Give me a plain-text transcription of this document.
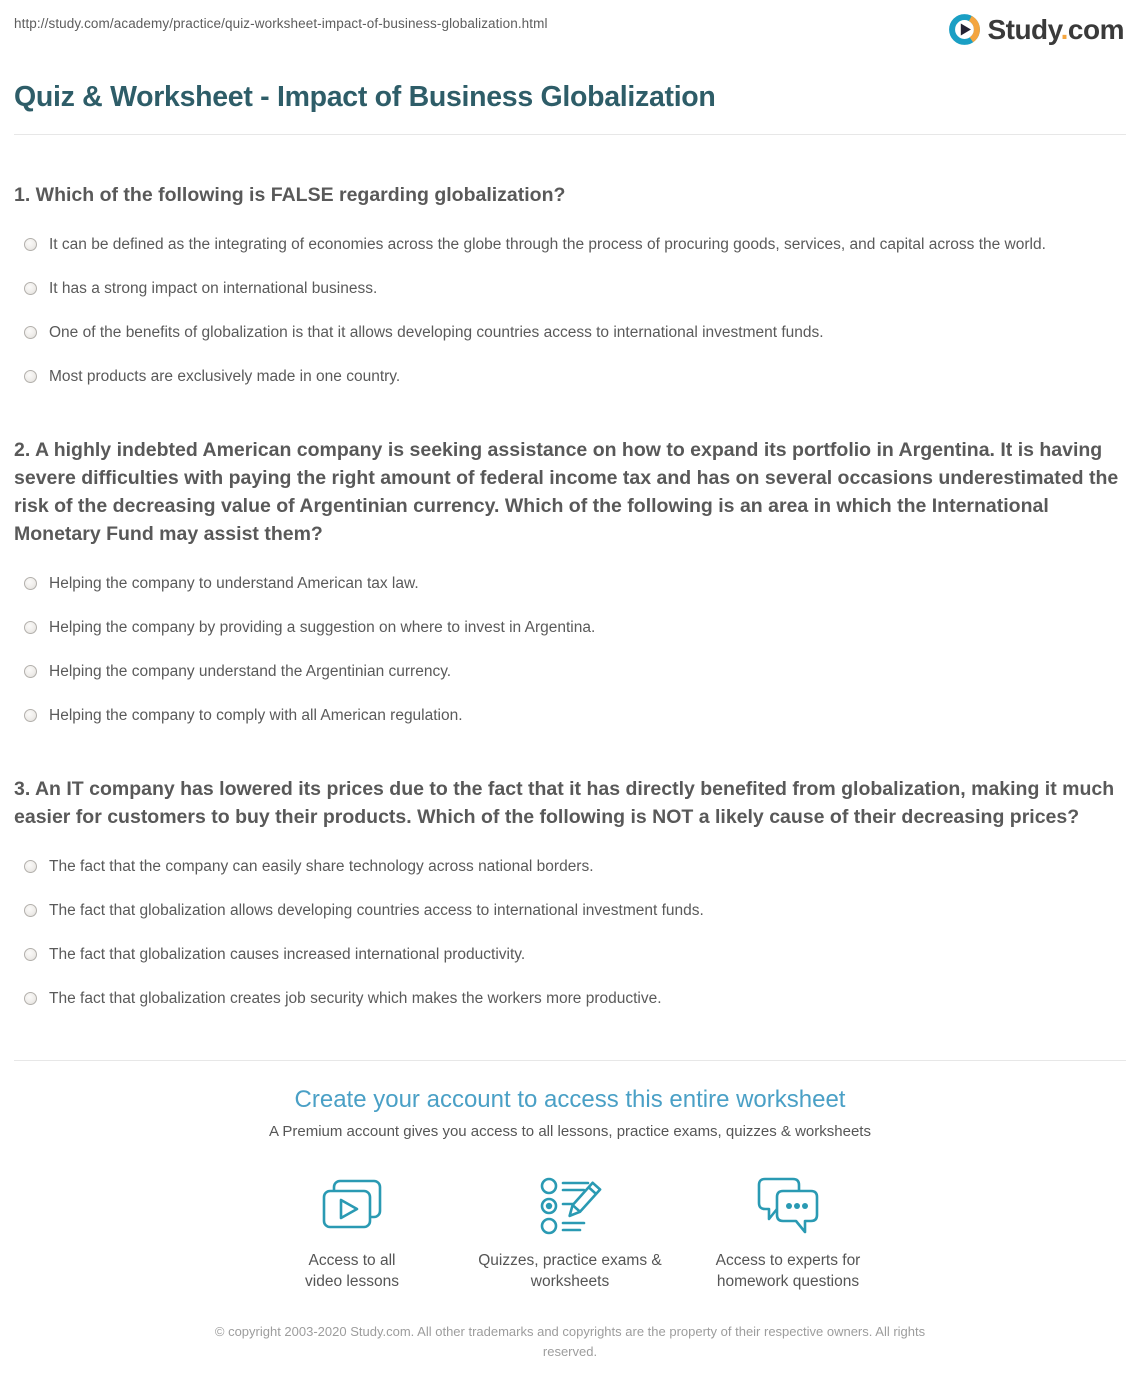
http://study.com/academy/practice/quiz-worksheet-impact-of-business-globalization.html	Study.com
Quiz & Worksheet - Impact of Business Globalization
1. Which of the following is FALSE regarding globalization?
It can be defined as the integrating of economies across the globe through the process of procuring goods, services, and capital across the world.
It has a strong impact on international business.
One of the benefits of globalization is that it allows developing countries access to international investment funds.
Most products are exclusively made in one country.
2. A highly indebted American company is seeking assistance on how to expand its portfolio in Argentina. It is having severe difficulties with paying the right amount of federal income tax and has on several occasions underestimated the risk of the decreasing value of Argentinian currency. Which of the following is an area in which the International Monetary Fund may assist them?
Helping the company to understand American tax law.
Helping the company by providing a suggestion on where to invest in Argentina.
Helping the company understand the Argentinian currency.
Helping the company to comply with all American regulation.
3. An IT company has lowered its prices due to the fact that it has directly benefited from globalization, making it much easier for customers to buy their products. Which of the following is NOT a likely cause of their decreasing prices?
The fact that the company can easily share technology across national borders.
The fact that globalization allows developing countries access to international investment funds.
The fact that globalization causes increased international productivity.
The fact that globalization creates job security which makes the workers more productive.
Create your account to access this entire worksheet
A Premium account gives you access to all lessons, practice exams, quizzes & worksheets
Access to all video lessons
Quizzes, practice exams & worksheets
Access to experts for homework questions
© copyright 2003-2020 Study.com. All other trademarks and copyrights are the property of their respective owners. All rights reserved.
